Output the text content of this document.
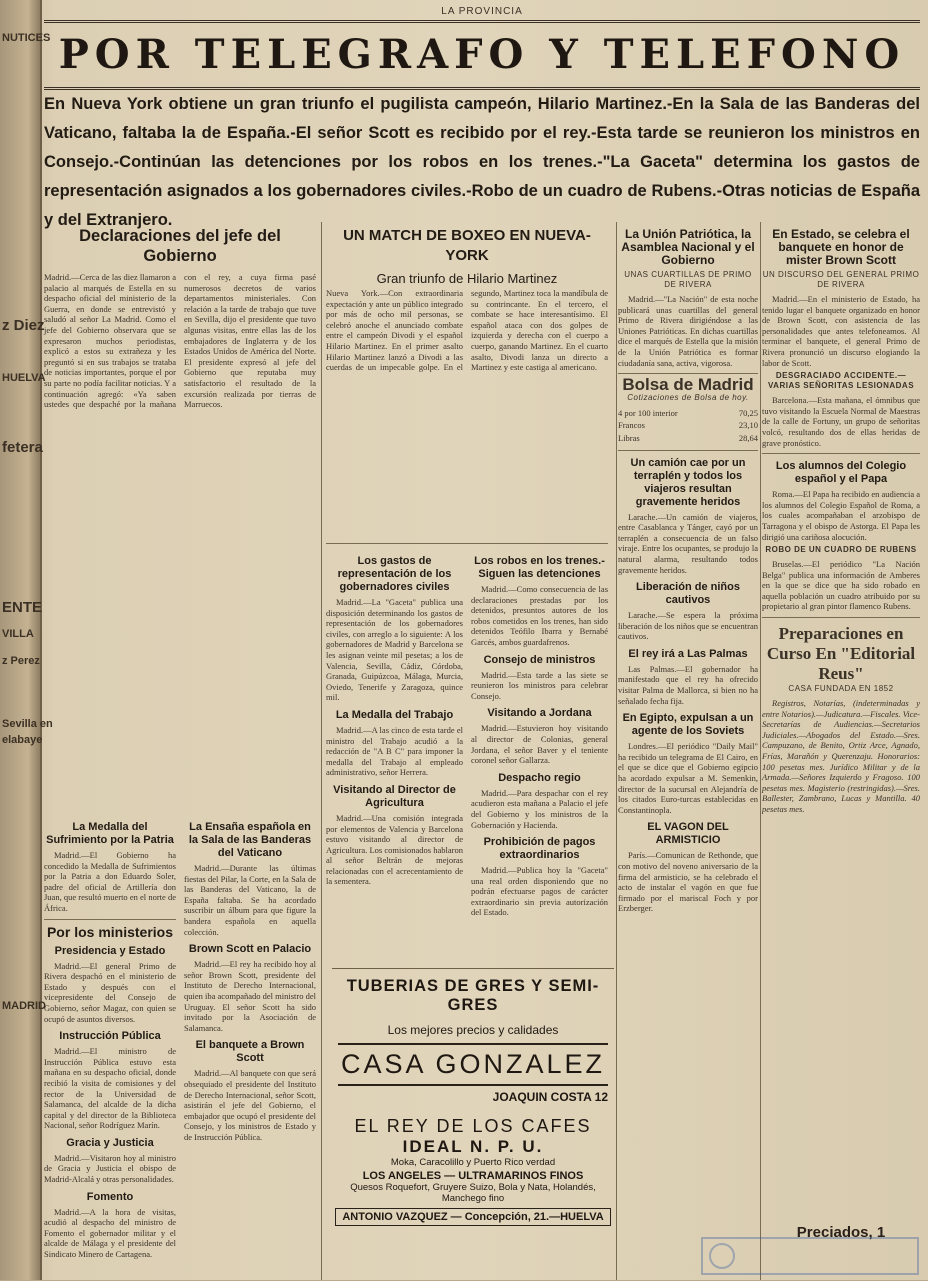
NUTICES
z Diez
HUELVA
fetera
ENTE
VILLA
z Perez
Sevilla en
elabaye
MADRID
LA PROVINCIA
POR TELEGRAFO Y TELEFONO
En Nueva York obtiene un gran triunfo el pugilista campeón, Hilario Martinez.-En la Sala de las Banderas del Vaticano, faltaba la de España.-El señor Scott es recibido por el rey.-Esta tarde se reunieron los ministros en Consejo.-Continúan las detenciones por los robos en los trenes.-"La Gaceta" determina los gastos de representación asignados a los gobernadores civiles.-Robo de un cuadro de Rubens.-Otras noticias de España y del Extranjero.
Declaraciones del jefe del Gobierno

Madrid.—Cerca de las diez llamaron a palacio al marqués de Estella en su despacho oficial del ministerio de la Guerra, en donde se entrevistó y saludó al señor La Madrid. Como el jefe del Gobierno observara que se expresaron muchos periodistas, explicó a estos su extrañeza y les preguntó si en sus trabajos se trataba de noticias importantes, porque el por su parte no podía facilitar noticias. Y a continuación agregó: «Ya saben ustedes que despaché por la mañana con el rey, a cuya firma pasé numerosos decretos de varios departamentos ministeriales. Con relación a la tarde de trabajo que tuve en Sevilla, dijo el presidente que tuvo algunas visitas, entre ellas las de los embajadores de Inglaterra y de los Estados Unidos de América del Norte. El presidente expresó al jefe del Gobierno que reputaba muy satisfactorio el resultado de la excursión realizada por tierras de Marruecos.

La Medalla del Sufrimiento por la Patria

Madrid.—El Gobierno ha concedido la Medalla de Sufrimientos por la Patria a don Eduardo Soler, padre del oficial de Artillería don Juan, que resultó muerto en el norte de África.

Por los ministerios
Presidencia y Estado

Madrid.—El general Primo de Rivera despachó en el ministerio de Estado y después con el vicepresidente del Consejo de Gobierno, señor Magaz, con quien se ocupó de asuntos diversos.

Instrucción Pública

Madrid.—El ministro de Instrucción Pública estuvo esta mañana en su despacho oficial, donde recibió la visita de comisiones y del rector de la Universidad de Salamanca, del alcalde de la dicha capital y del director de la Biblioteca Nacional, señor Rodríguez Marín.

Gracia y Justicia

Madrid.—Visitaron hoy al ministro de Gracia y Justicia el obispo de Madrid-Alcalá y otras personalidades.

Fomento

Madrid.—A la hora de visitas, acudió al despacho del ministro de Fomento el gobernador militar y el alcalde de Málaga y el presidente del Sindicato Minero de Cartagena.

La Ensaña española en la Sala de las Banderas del Vaticano

Madrid.—Durante las últimas fiestas del Pilar, la Corte, en la Sala de las Banderas del Vaticano, la de España faltaba. Se ha acordado suscribir un álbum para que figure la bandera española en aquella colección.

Brown Scott en Palacio

Madrid.—El rey ha recibido hoy al señor Brown Scott, presidente del Instituto de Derecho Internacional, quien iba acompañado del ministro del Uruguay. El señor Scott ha sido invitado por la Asociación de Salamanca.

El banquete a Brown Scott

Madrid.—Al banquete con que será obsequiado el presidente del Instituto de Derecho Internacional, señor Scott, asistirán el jefe del Gobierno, el embajador que ocupó el presidente del Consejo, y los ministros de Estado y de Instrucción Pública.

UN MATCH DE BOXEO EN NUEVA-YORK
Gran triunfo de Hilario Martinez

Nueva York.—Con extraordinaria expectación y ante un público integrado por más de ocho mil personas, se celebró anoche el anunciado combate entre el campeón Divodi y el español Hilario Martinez. En el primer asalto Hilario Martinez lanzó a Divodi a las cuerdas de un impecable golpe. En el segundo, Martinez toca la mandíbula de su contrincante. En el tercero, el combate se hace interesantísimo. El español ataca con dos golpes de izquierda y derecha con el cuerpo a cuerpo, ganando Martinez. En el cuarto asalto, Divodi lanza un directo a Martinez y este castiga al americano.

Los gastos de representación de los gobernadores civiles

Madrid.—La "Gaceta" publica una disposición determinando los gastos de representación de los gobernadores civiles, con arreglo a lo siguiente: A los gobernadores de Madrid y Barcelona se les asignan veinte mil pesetas; a los de Valencia, Sevilla, Cádiz, Córdoba, Granada, Guipúzcoa, Málaga, Murcia, Oviedo, Tenerife y Zaragoza, quince mil.

La Medalla del Trabajo

Madrid.—A las cinco de esta tarde el ministro del Trabajo acudió a la redacción de "A B C" para imponer la medalla del Trabajo al empleado administrativo, señor Herrera.

Visitando al Director de Agricultura

Madrid.—Una comisión integrada por elementos de Valencia y Barcelona estuvo visitando al director de Agricultura. Los comisionados hablaron al señor Beltrán de mejoras relacionadas con el acrecentamiento de la sementera.

Los robos en los trenes.-Siguen las detenciones

Madrid.—Como consecuencia de las declaraciones prestadas por los detenidos, presuntos autores de los robos cometidos en los trenes, han sido detenidos Teófilo Ibarra y Bernabé Garcés, ambos guardafrenos.

Consejo de ministros

Madrid.—Esta tarde a las siete se reunieron los ministros para celebrar Consejo.

Visitando a Jordana

Madrid.—Estuvieron hoy visitando al director de Colonias, general Jordana, el señor Baver y el teniente coronel señor Gallarza.

Despacho regio

Madrid.—Para despachar con el rey acudieron esta mañana a Palacio el jefe del Gobierno y los ministros de la Gobernación y Hacienda.

Prohibición de pagos extraordinarios

Madrid.—Publica hoy la "Gaceta" una real orden disponiendo que no podrán efectuarse pagos de carácter extraordinario sin previa autorización del Estado.

TUBERIAS DE GRES Y SEMI-GRES
Los mejores precios y calidades
CASA GONZALEZ
JOAQUIN COSTA 12
EL REY DE LOS CAFES
IDEAL N. P. U.
Moka, Caracolillo y Puerto Rico verdad
LOS ANGELES — ULTRAMARINOS FINOS
Quesos Roquefort, Gruyere Suizo, Bola y Nata, Holandés, Manchego fino
ANTONIO VAZQUEZ — Concepción, 21.—HUELVA
La Unión Patriótica, la Asamblea Nacional y el Gobierno
UNAS CUARTILLAS DE PRIMO DE RIVERA

Madrid.—"La Nación" de esta noche publicará unas cuartillas del general Primo de Rivera dirigiéndose a las Uniones Patrióticas. En dichas cuartillas dice el marqués de Estella que la misión de la Unión Patriótica es formar ciudadanía sana, activa, vigorosa.

Bolsa de Madrid
Cotizaciones de Bolsa de hoy.
4 por 100 interior	70,25
Francos	23,10
Libras	28,64
Un camión cae por un terraplén y todos los viajeros resultan gravemente heridos

Larache.—Un camión de viajeros, entre Casablanca y Tánger, cayó por un terraplén a consecuencia de un falso viraje. Entre los ocupantes, se produjo la natural alarma, resultando todos gravemente heridos.

Liberación de niños cautivos

Larache.—Se espera la próxima liberación de los niños que se encuentran cautivos.

El rey irá a Las Palmas

Las Palmas.—El gobernador ha manifestado que el rey ha ofrecido visitar Palma de Mallorca, si bien no ha señalado fecha fija.

En Egipto, expulsan a un agente de los Soviets

Londres.—El periódico "Daily Mail" ha recibido un telegrama de El Cairo, en el que se dice que el Gobierno egipcio ha acordado expulsar a M. Semenkin, director de la sucursal en Alejandría de los citados Euro-turcas establecidas en Constantinopla.

EL VAGON DEL ARMISTICIO

París.—Comunican de Rethonde, que con motivo del noveno aniversario de la firma del armisticio, se ha celebrado el acto de instalar el vagón en que fue firmado por el mariscal Foch y por Erzberger.

En Estado, se celebra el banquete en honor de mister Brown Scott
UN DISCURSO DEL GENERAL PRIMO DE RIVERA

Madrid.—En el ministerio de Estado, ha tenido lugar el banquete organizado en honor de Brown Scott, con asistencia de las personalidades que antes telefoneamos. Al terminar el banquete, el general Primo de Rivera pronunció un discurso elogiando la labor de Scott.

DESGRACIADO ACCIDENTE.—VARIAS SEÑORITAS LESIONADAS

Barcelona.—Esta mañana, el ómnibus que tuvo visitando la Escuela Normal de Maestras de la calle de Fortuny, un grupo de señoritas volcó, resultando dos de ellas heridas de grave pronóstico.

Los alumnos del Colegio español y el Papa

Roma.—El Papa ha recibido en audiencia a los alumnos del Colegio Español de Roma, a los cuales acompañaban el arzobispo de Tarragona y el obispo de Astorga. El Papa les dirigió una cariñosa alocución.

ROBO DE UN CUADRO DE RUBENS

Bruselas.—El periódico "La Nación Belga" publica una información de Amberes en la que se dice que ha sido robado en aquella población un cuadro atribuido por su propietario al gran pintor flamenco Rubens.

Preparaciones en Curso En "Editorial Reus"
CASA FUNDADA EN 1852

Registros, Notarías, (indeterminadas y entre Notarios).—Judicatura.—Fiscales. Vice-Secretarías de Audiencias.—Secretarios Judiciales.—Abogados del Estado.—Sres. Campuzano, de Benito, Ortiz Arce, Agnado, Frías, Marañón y Querenzaju. Honorarios: 100 pesetas mes. Jurídico Militar y de la Armada.—Señores Izquierdo y Fragoso. 100 pesetas mes. Magisterio (restringidas).—Sres. Ballester, Zambrano, Lucas y Mantilla. 40 pesetas mes.

Preciados, 1
